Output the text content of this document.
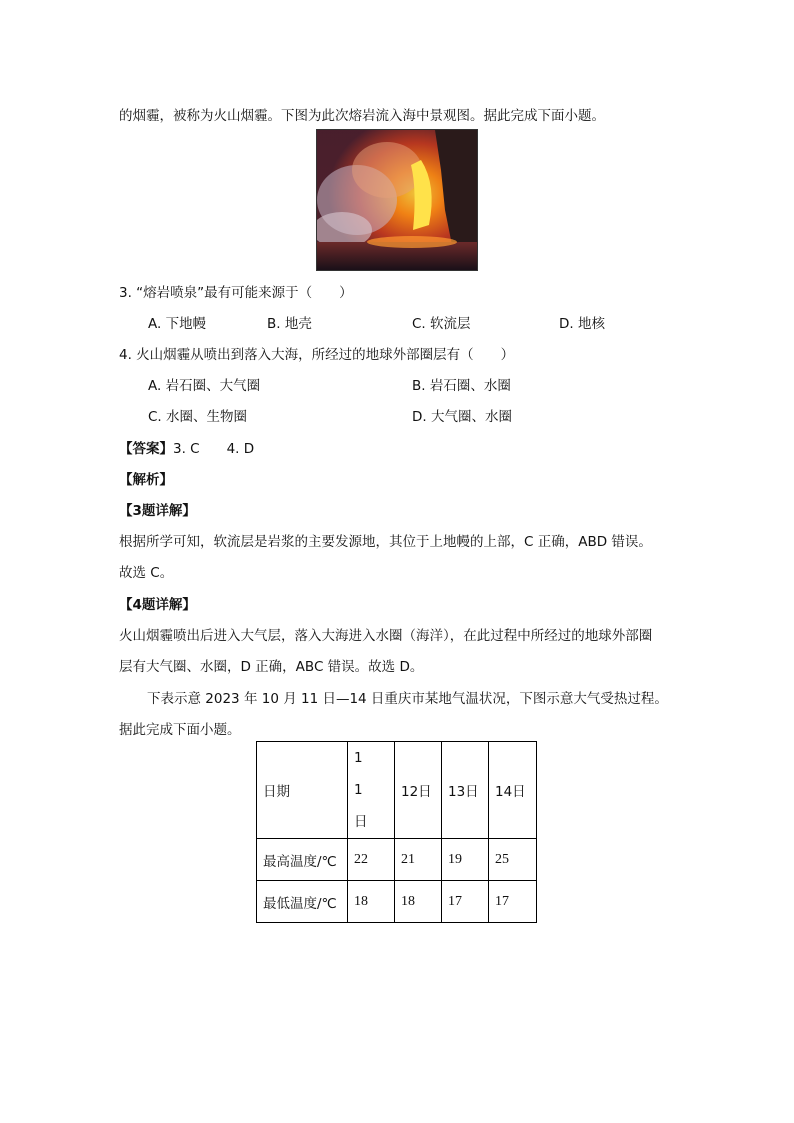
的烟霾，被称为火山烟霾。下图为此次熔岩流入海中景观图。据此完成下面小题。
3. “熔岩喷泉”最有可能来源于（　　）
A. 下地幔	B. 地壳	C. 软流层	D. 地核
4. 火山烟霾从喷出到落入大海，所经过的地球外部圈层有（　　）
A. 岩石圈、大气圈	B. 岩石圈、水圈
C. 水圈、生物圈	D. 大气圈、水圈
【答案】3. C　　4. D
【解析】
【3题详解】
根据所学可知，软流层是岩浆的主要发源地，其位于上地幔的上部，C 正确，ABD 错误。
故选 C。
【4题详解】
火山烟霾喷出后进入大气层，落入大海进入水圈（海洋），在此过程中所经过的地球外部圈
层有大气圈、水圈，D 正确，ABC 错误。故选 D。
下表示意 2023 年 10 月 11 日—14 日重庆市某地气温状况，下图示意大气受热过程。
据此完成下面小题。
日期	11日	12日	13日	14日
最高温度/℃	22	21	19	25
最低温度/℃	18	18	17	17
